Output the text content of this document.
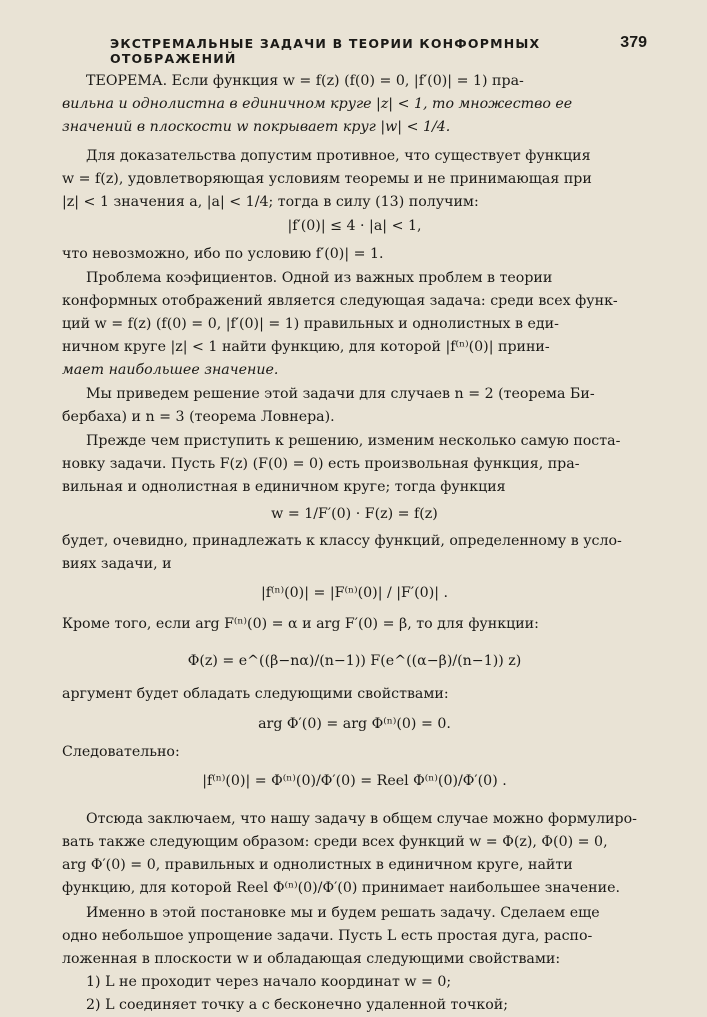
ЭКСТРЕМАЛЬНЫЕ ЗАДАЧИ В ТЕОРИИ КОНФОРМНЫХ ОТОБРАЖЕНИЙ
379
ТЕОРЕМА. Если функция w = f(z) (f(0) = 0, |f′(0)| = 1) пра-
вильна и однолистна в единичном круге |z| < 1, то множество ее
значений в плоскости w покрывает круг |w| < 1/4.
Для доказательства допустим противное, что существует функция
w = f(z), удовлетворяющая условиям теоремы и не принимающая при
|z| < 1 значения a, |a| < 1/4; тогда в силу (13) получим:
|f′(0)| ≤ 4 · |a| < 1,
что невозможно, ибо по условию f′(0)| = 1.
Проблема коэфициентов. Одной из важных проблем в теории
конформных отображений является следующая задача: среди всех функ-
ций w = f(z) (f(0) = 0, |f′(0)| = 1) правильных и однолистных в еди-
ничном круге |z| < 1 найти функцию, для которой |f⁽ⁿ⁾(0)| прини-
мает наибольшее значение.
Мы приведем решение этой задачи для случаев n = 2 (теорема Би-
бербаха) и n = 3 (теорема Ловнера).
Прежде чем приступить к решению, изменим несколько самую поста-
новку задачи. Пусть F(z) (F(0) = 0) есть произвольная функция, пра-
вильная и однолистная в единичном круге; тогда функция
w = 1/F′(0) · F(z) = f(z)
будет, очевидно, принадлежать к классу функций, определенному в усло-
виях задачи, и
|f⁽ⁿ⁾(0)| = |F⁽ⁿ⁾(0)| / |F′(0)| .
Кроме того, если arg F⁽ⁿ⁾(0) = α и arg F′(0) = β, то для функции:
Φ(z) = e^((β−nα)/(n−1)) F(e^((α−β)/(n−1)) z)
аргумент будет обладать следующими свойствами:
arg Φ′(0) = arg Φ⁽ⁿ⁾(0) = 0.
Следовательно:
|f⁽ⁿ⁾(0)| = Φ⁽ⁿ⁾(0)/Φ′(0) = Reel Φ⁽ⁿ⁾(0)/Φ′(0) .
Отсюда заключаем, что нашу задачу в общем случае можно формулиро-
вать также следующим образом: среди всех функций w = Φ(z), Φ(0) = 0,
arg Φ′(0) = 0, правильных и однолистных в единичном круге, найти
функцию, для которой Reel Φ⁽ⁿ⁾(0)/Φ′(0) принимает наибольшее значение.
Именно в этой постановке мы и будем решать задачу. Сделаем еще
одно небольшое упрощение задачи. Пусть L есть простая дуга, распо-
ложенная в плоскости w и обладающая следующими свойствами:
1) L не проходит через начало координат w = 0;
2) L соединяет точку a с бесконечно удаленной точкой;
